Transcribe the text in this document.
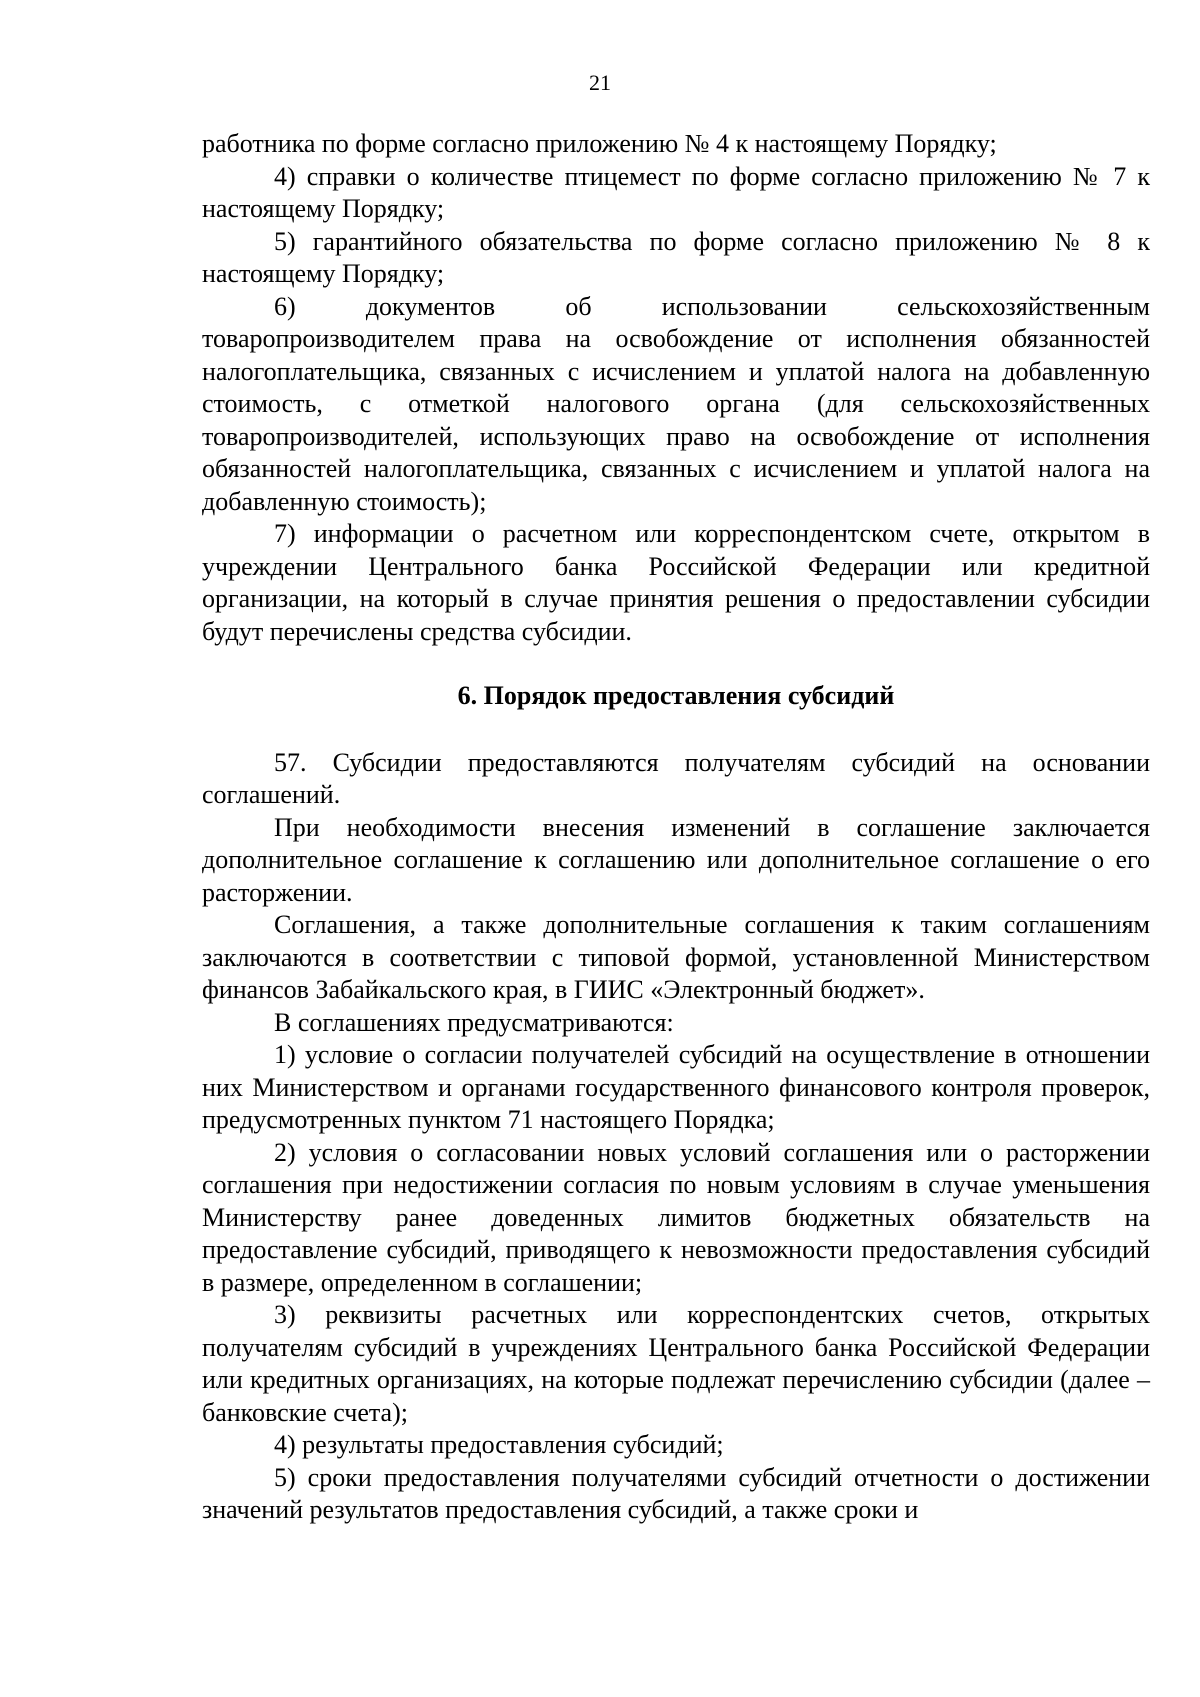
21

работника по форме согласно приложению № 4 к настоящему Порядку;

4) справки о количестве птицемест по форме согласно приложению № 7 к настоящему Порядку;

5) гарантийного обязательства по форме согласно приложению № 8 к настоящему Порядку;

6) документов об использовании сельскохозяйственным товаропроизводителем права на освобождение от исполнения обязанностей налогоплательщика, связанных с исчислением и уплатой налога на добавленную стоимость, с отметкой налогового органа (для сельскохозяйственных товаропроизводителей, использующих право на освобождение от исполнения обязанностей налогоплательщика, связанных с исчислением и уплатой налога на добавленную стоимость);

7) информации о расчетном или корреспондентском счете, открытом в учреждении Центрального банка Российской Федерации или кредитной организации, на который в случае принятия решения о предоставлении субсидии будут перечислены средства субсидии.

6. Порядок предоставления субсидий

57. Субсидии предоставляются получателям субсидий на основании соглашений.

При необходимости внесения изменений в соглашение заключается дополнительное соглашение к соглашению или дополнительное соглашение о его расторжении.

Соглашения, а также дополнительные соглашения к таким соглашениям заключаются в соответствии с типовой формой, установленной Министерством финансов Забайкальского края, в ГИИС «Электронный бюджет».

В соглашениях предусматриваются:

1) условие о согласии получателей субсидий на осуществление в отношении них Министерством и органами государственного финансового контроля проверок, предусмотренных пунктом 71 настоящего Порядка;

2) условия о согласовании новых условий соглашения или о расторжении соглашения при недостижении согласия по новым условиям в случае уменьшения Министерству ранее доведенных лимитов бюджетных обязательств на предоставление субсидий, приводящего к невозможности предоставления субсидий в размере, определенном в соглашении;

3) реквизиты расчетных или корреспондентских счетов, открытых получателям субсидий в учреждениях Центрального банка Российской Федерации или кредитных организациях, на которые подлежат перечислению субсидии (далее – банковские счета);

4) результаты предоставления субсидий;

5) сроки предоставления получателями субсидий отчетности о достижении значений результатов предоставления субсидий, а также сроки и
